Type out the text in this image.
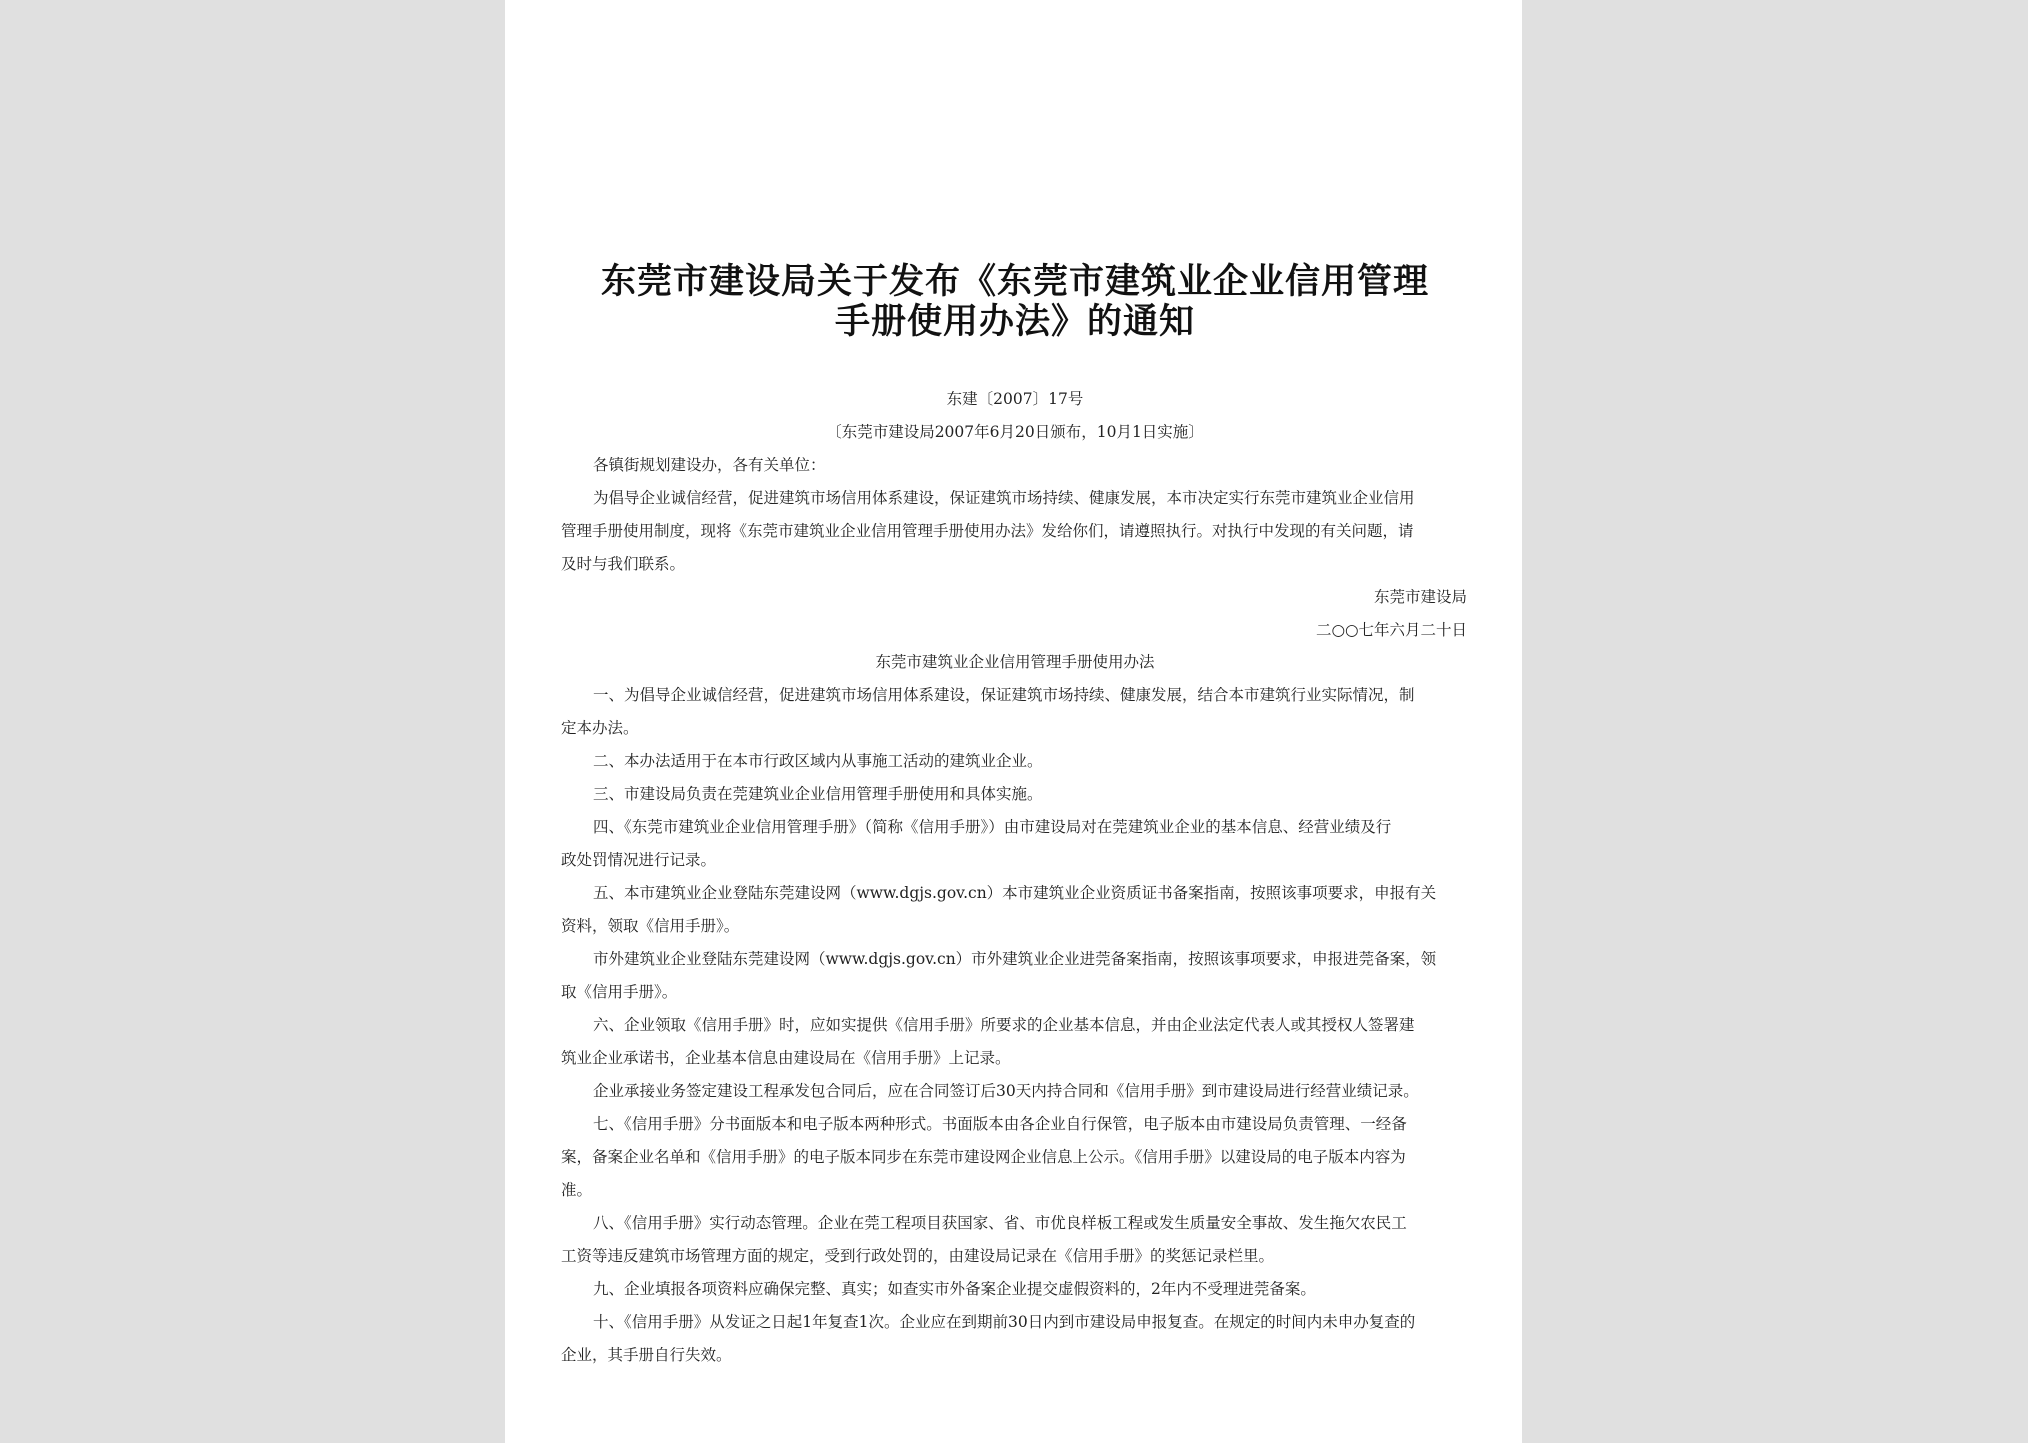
东莞市建设局关于发布《东莞市建筑业企业信用管理
手册使用办法》的通知
东建〔2007〕17号
〔东莞市建设局2007年6月20日颁布，10月1日实施〕
各镇街规划建设办，各有关单位：
为倡导企业诚信经营，促进建筑市场信用体系建设，保证建筑市场持续、健康发展，本市决定实行东莞市建筑业企业信用
管理手册使用制度，现将《东莞市建筑业企业信用管理手册使用办法》发给你们，请遵照执行。对执行中发现的有关问题，请
及时与我们联系。
东莞市建设局
二○○七年六月二十日
东莞市建筑业企业信用管理手册使用办法
一、为倡导企业诚信经营，促进建筑市场信用体系建设，保证建筑市场持续、健康发展，结合本市建筑行业实际情况，制
定本办法。
二、本办法适用于在本市行政区域内从事施工活动的建筑业企业。
三、市建设局负责在莞建筑业企业信用管理手册使用和具体实施。
四、《东莞市建筑业企业信用管理手册》（简称《信用手册》）由市建设局对在莞建筑业企业的基本信息、经营业绩及行
政处罚情况进行记录。
五、本市建筑业企业登陆东莞建设网（www.dgjs.gov.cn）本市建筑业企业资质证书备案指南，按照该事项要求，申报有关
资料，领取《信用手册》。
市外建筑业企业登陆东莞建设网（www.dgjs.gov.cn）市外建筑业企业进莞备案指南，按照该事项要求，申报进莞备案，领
取《信用手册》。
六、企业领取《信用手册》时，应如实提供《信用手册》所要求的企业基本信息，并由企业法定代表人或其授权人签署建
筑业企业承诺书，企业基本信息由建设局在《信用手册》上记录。
企业承接业务签定建设工程承发包合同后，应在合同签订后30天内持合同和《信用手册》到市建设局进行经营业绩记录。
七、《信用手册》分书面版本和电子版本两种形式。书面版本由各企业自行保管，电子版本由市建设局负责管理、一经备
案，备案企业名单和《信用手册》的电子版本同步在东莞市建设网企业信息上公示。《信用手册》以建设局的电子版本内容为
准。
八、《信用手册》实行动态管理。企业在莞工程项目获国家、省、市优良样板工程或发生质量安全事故、发生拖欠农民工
工资等违反建筑市场管理方面的规定，受到行政处罚的，由建设局记录在《信用手册》的奖惩记录栏里。
九、企业填报各项资料应确保完整、真实；如查实市外备案企业提交虚假资料的，2年内不受理进莞备案。
十、《信用手册》从发证之日起1年复查1次。企业应在到期前30日内到市建设局申报复查。在规定的时间内未申办复查的
企业，其手册自行失效。
